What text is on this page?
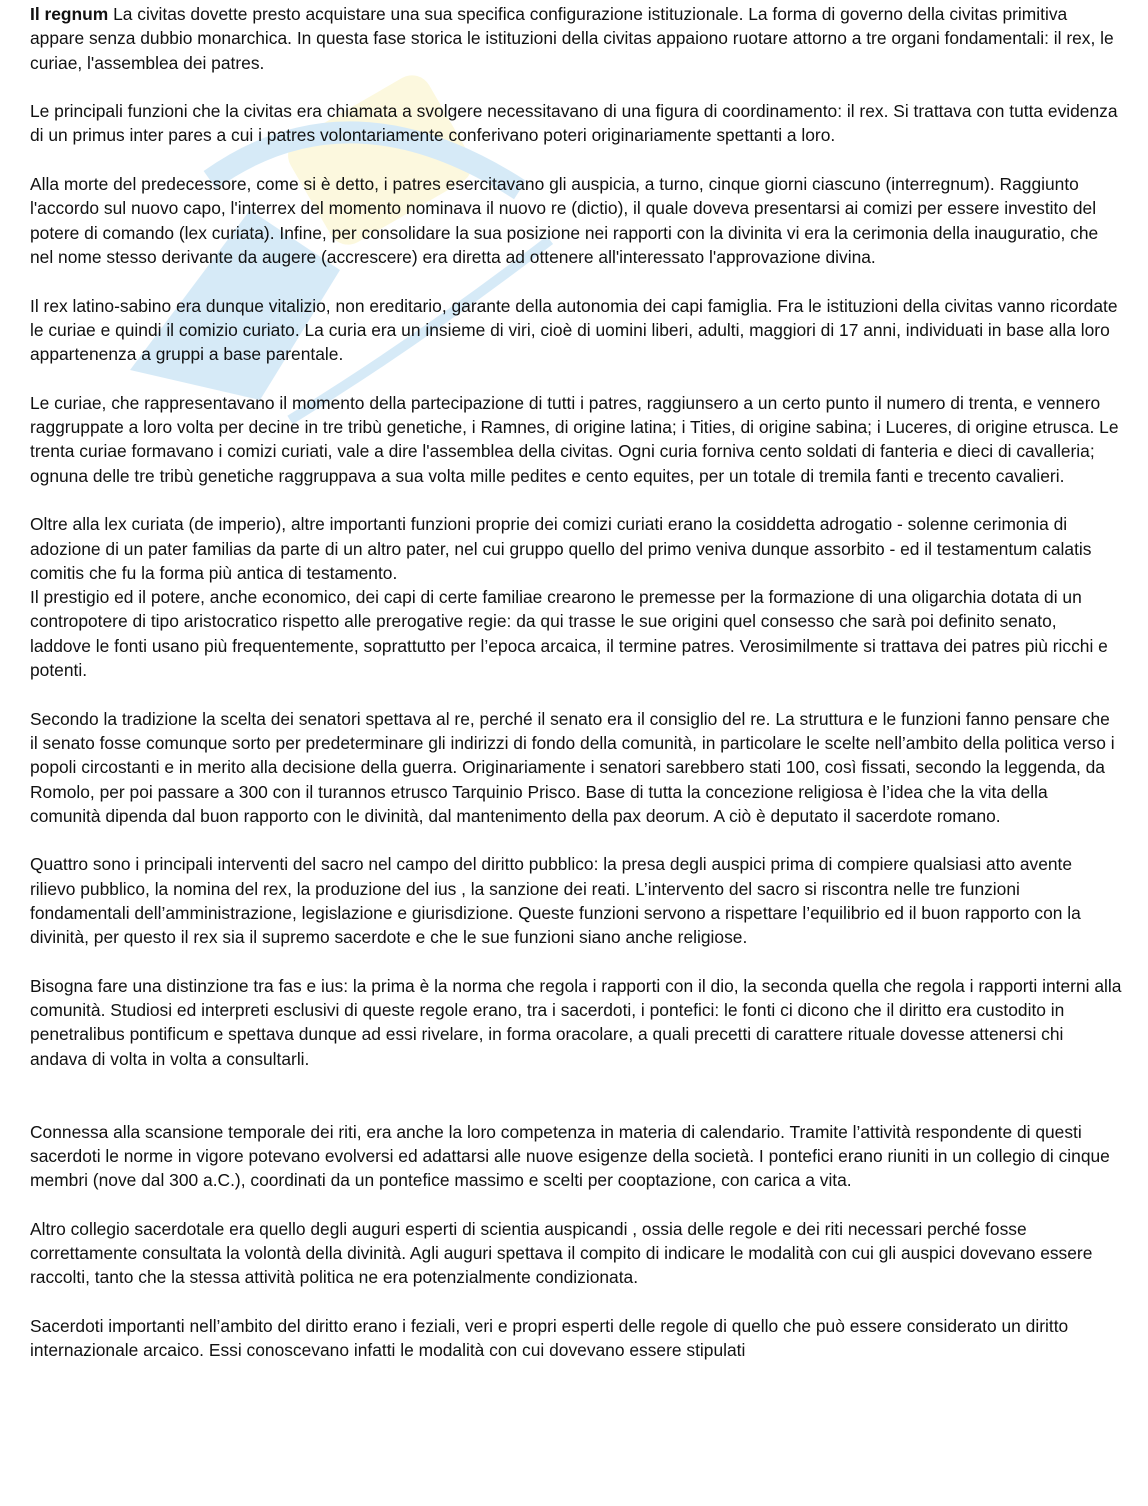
Il regnum La civitas dovette presto acquistare una sua specifica configurazione istituzionale. La forma di governo della civitas primitiva appare senza dubbio monarchica. In questa fase storica le istituzioni della civitas appaiono ruotare attorno a tre organi fondamentali: il rex, le curiae, l'assemblea dei patres.

Le principali funzioni che la civitas era chiamata a svolgere necessitavano di una figura di coordinamento: il rex. Si trattava con tutta evidenza di un primus inter pares a cui i patres volontariamente conferivano poteri originariamente spettanti a loro.

Alla morte del predecessore, come si è detto, i patres esercitavano gli auspicia, a turno, cinque giorni ciascuno (interregnum). Raggiunto l'accordo sul nuovo capo, l'interrex del momento nominava il nuovo re (dictio), il quale doveva presentarsi ai comizi per essere investito del potere di comando (lex curiata). Infine, per consolidare la sua posizione nei rapporti con la divinita vi era la cerimonia della inauguratio, che nel nome stesso derivante da augere (accrescere) era diretta ad ottenere all'interessato l'approvazione divina.

Il rex latino-sabino era dunque vitalizio, non ereditario, garante della autonomia dei capi famiglia. Fra le istituzioni della civitas vanno ricordate le curiae e quindi il comizio curiato. La curia era un insieme di viri, cioè di uomini liberi, adulti, maggiori di 17 anni, individuati in base alla loro appartenenza a gruppi a base parentale.

Le curiae, che rappresentavano il momento della partecipazione di tutti i patres, raggiunsero a un certo punto il numero di trenta, e vennero raggruppate a loro volta per decine in tre tribù genetiche, i Ramnes, di origine latina; i Tities, di origine sabina; i Luceres, di origine etrusca. Le trenta curiae formavano i comizi curiati, vale a dire l'assemblea della civitas. Ogni curia forniva cento soldati di fanteria e dieci di cavalleria; ognuna delle tre tribù genetiche raggruppava a sua volta mille pedites e cento equites, per un totale di tremila fanti e trecento cavalieri.

Oltre alla lex curiata (de imperio), altre importanti funzioni proprie dei comizi curiati erano la cosiddetta adrogatio - solenne cerimonia di adozione di un pater familias da parte di un altro pater, nel cui gruppo quello del primo veniva dunque assorbito - ed il testamentum calatis comitis che fu la forma più antica di testamento.

Il prestigio ed il potere, anche economico, dei capi di certe familiae crearono le premesse per la formazione di una oligarchia dotata di un contropotere di tipo aristocratico rispetto alle prerogative regie: da qui trasse le sue origini quel consesso che sarà poi definito senato, laddove le fonti usano più frequentemente, soprattutto per l’epoca arcaica, il termine patres. Verosimilmente si trattava dei patres più ricchi e potenti.

Secondo la tradizione la scelta dei senatori spettava al re, perché il senato era il consiglio del re. La struttura e le funzioni fanno pensare che il senato fosse comunque sorto per predeterminare gli indirizzi di fondo della comunità, in particolare le scelte nell’ambito della politica verso i popoli circostanti e in merito alla decisione della guerra. Originariamente i senatori sarebbero stati 100, così fissati, secondo la leggenda, da Romolo, per poi passare a 300 con il turannos etrusco Tarquinio Prisco. Base di tutta la concezione religiosa è l’idea che la vita della comunità dipenda dal buon rapporto con le divinità, dal mantenimento della pax deorum. A ciò è deputato il sacerdote romano.

Quattro sono i principali interventi del sacro nel campo del diritto pubblico: la presa degli auspici prima di compiere qualsiasi atto avente rilievo pubblico, la nomina del rex, la produzione del ius , la sanzione dei reati. L’intervento del sacro si riscontra nelle tre funzioni fondamentali dell’amministrazione, legislazione e giurisdizione. Queste funzioni servono a rispettare l’equilibrio ed il buon rapporto con la divinità, per questo il rex sia il supremo sacerdote e che le sue funzioni siano anche religiose.

Bisogna fare una distinzione tra fas e ius: la prima è la norma che regola i rapporti con il dio, la seconda quella che regola i rapporti interni alla comunità. Studiosi ed interpreti esclusivi di queste regole erano, tra i sacerdoti, i pontefici: le fonti ci dicono che il diritto era custodito in penetralibus pontificum e spettava dunque ad essi rivelare, in forma oracolare, a quali precetti di carattere rituale dovesse attenersi chi andava di volta in volta a consultarli.

Connessa alla scansione temporale dei riti, era anche la loro competenza in materia di calendario. Tramite l’attività respondente di questi sacerdoti le norme in vigore potevano evolversi ed adattarsi alle nuove esigenze della società. I pontefici erano riuniti in un collegio di cinque membri (nove dal 300 a.C.), coordinati da un pontefice massimo e scelti per cooptazione, con carica a vita.

Altro collegio sacerdotale era quello degli auguri esperti di scientia auspicandi , ossia delle regole e dei riti necessari perché fosse correttamente consultata la volontà della divinità. Agli auguri spettava il compito di indicare le modalità con cui gli auspici dovevano essere raccolti, tanto che la stessa attività politica ne era potenzialmente condizionata.

Sacerdoti importanti nell’ambito del diritto erano i feziali, veri e propri esperti delle regole di quello che può essere considerato un diritto internazionale arcaico. Essi conoscevano infatti le modalità con cui dovevano essere stipulati
